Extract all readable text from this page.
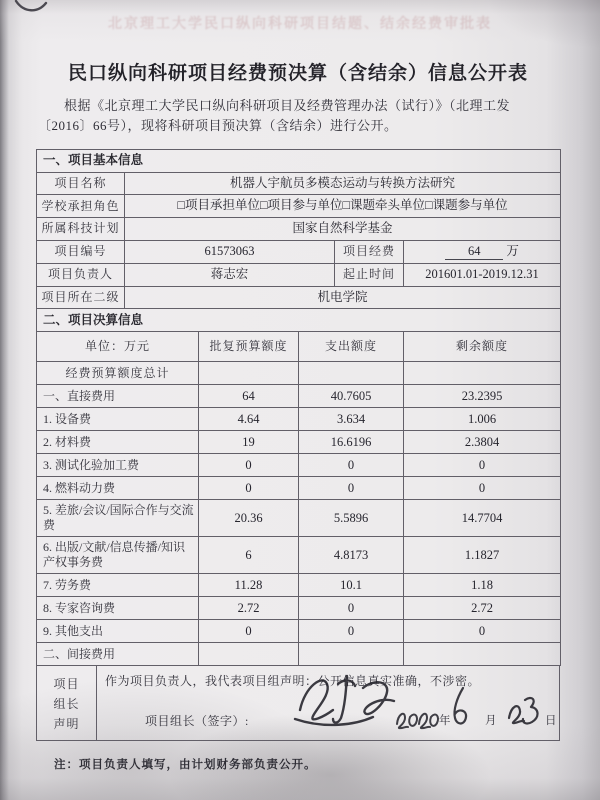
北京理工大学民口纵向科研项目结题、结余经费审批表
民口纵向科研项目经费预决算（含结余）信息公开表

根据《北京理工大学民口纵向科研项目及经费管理办法（试行）》（北理工发
〔2016〕66号），现将科研项目预决算（含结余）进行公开。

一、项目基本信息			
项目名称	机器人宇航员多模态运动与转换方法研究		
学校承担角色	□项目承担单位□项目参与单位□课题牵头单位□课题参与单位		
所属科技计划	国家自然科学基金		
项目编号	61573063	项目经费	64 万
项目负责人	蒋志宏	起止时间	201601.01-2019.12.31
项目所在二级	机电学院		
二、项目决算信息			
单位：万元	批复预算额度	支出额度	剩余额度
经费预算额度总计			
一、直接费用	64	40.7605	23.2395
1. 设备费	4.64	3.634	1.006
2. 材料费	19	16.6196	2.3804
3. 测试化验加工费	0	0	0
4. 燃料动力费	0	0	0
5. 差旅/会议/国际合作与交流费	20.36	5.5896	14.7704
6. 出版/文献/信息传播/知识产权事务费	6	4.8173	1.1827
7. 劳务费	11.28	10.1	1.18
8. 专家咨询费	2.72	0	2.72
9. 其他支出	0	0	0
二、间接费用			
项目
组长
声明
作为项目负责人，我代表项目组声明：公开信息真实准确，不涉密。
项目组长（签字）:	年	月	日

注：项目负责人填写，由计划财务部负责公开。
